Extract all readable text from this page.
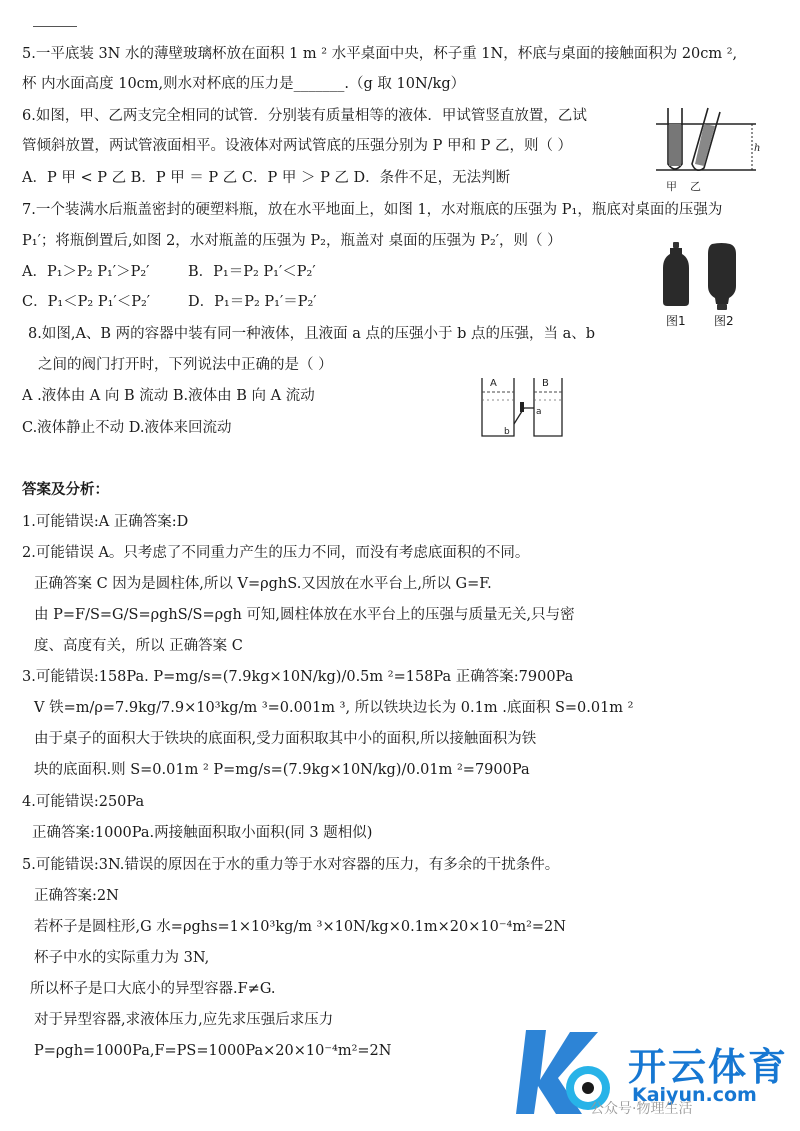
5.一平底装 3N 水的薄壁玻璃杯放在面积 1 m ² 水平桌面中央，杯子重 1N，杯底与桌面的接触面积为 20cm ²,
杯 内水面高度 10cm,则水对杯底的压力是_______.（g 取 10N/kg）
6.如图，甲、乙两支完全相同的试管．分别装有质量相等的液体．甲试管竖直放置，乙试
管倾斜放置，两试管液面相平。设液体对两试管底的压强分别为 P 甲和 P 乙，则（ ）
A．P 甲 < P 乙 B．P 甲 ＝ P 乙 C．P 甲 ＞ P 乙 D．条件不足，无法判断
h
甲 乙
7.一个装满水后瓶盖密封的硬塑料瓶，放在水平地面上，如图 1，水对瓶底的压强为 P₁，瓶底对桌面的压强为
P₁′；将瓶倒置后,如图 2，水对瓶盖的压强为 P₂，瓶盖对 桌面的压强为 P₂′，则（ ）
A．P₁＞P₂ P₁′＞P₂′	B．P₁＝P₂ P₁′＜P₂′
C．P₁＜P₂ P₁′＜P₂′	D．P₁＝P₂ P₁′＝P₂′
图1 图2
8.如图,A、B 两的容器中装有同一种液体，且液面 a 点的压强小于 b 点的压强，当 a、b
之间的阀门打开时，下列说法中正确的是（ ）
A .液体由 A 向 B 流动 B.液体由 B 向 A 流动
C.液体静止不动 D.液体来回流动
A	B
a
b
答案及分析：
1.可能错误:A 正确答案:D
2.可能错误 A。只考虑了不同重力产生的压力不同，而没有考虑底面积的不同。
正确答案 C 因为是圆柱体,所以 V=ρghS.又因放在水平台上,所以 G=F.
由 P=F/S=G/S=ρghS/S=ρgh 可知,圆柱体放在水平台上的压强与质量无关,只与密
度、高度有关，所以 正确答案 C
3.可能错误:158Pa. P=mg/s=(7.9kg×10N/kg)/0.5m ²=158Pa 正确答案:7900Pa
V 铁=m/ρ=7.9kg/7.9×10³kg/m ³=0.001m ³, 所以铁块边长为 0.1m .底面积 S=0.01m ²
由于桌子的面积大于铁块的底面积,受力面积取其中小的面积,所以接触面积为铁
块的底面积.则 S=0.01m ² P=mg/s=(7.9kg×10N/kg)/0.01m ²=7900Pa
4.可能错误:250Pa
正确答案:1000Pa.两接触面积取小面积(同 3 题相似)
5.可能错误:3N.错误的原因在于水的重力等于水对容器的压力，有多余的干扰条件。
正确答案:2N
若杯子是圆柱形,G 水=ρghs=1×10³kg/m ³×10N/kg×0.1m×20×10⁻⁴m²=2N
杯子中水的实际重力为 3N,
所以杯子是口大底小的异型容器.F≠G.
对于异型容器,求液体压力,应先求压强后求压力
P=ρgh=1000Pa,F=PS=1000Pa×20×10⁻⁴m²=2N	开云体育
Kaiyun.com
公众号·物理生活
